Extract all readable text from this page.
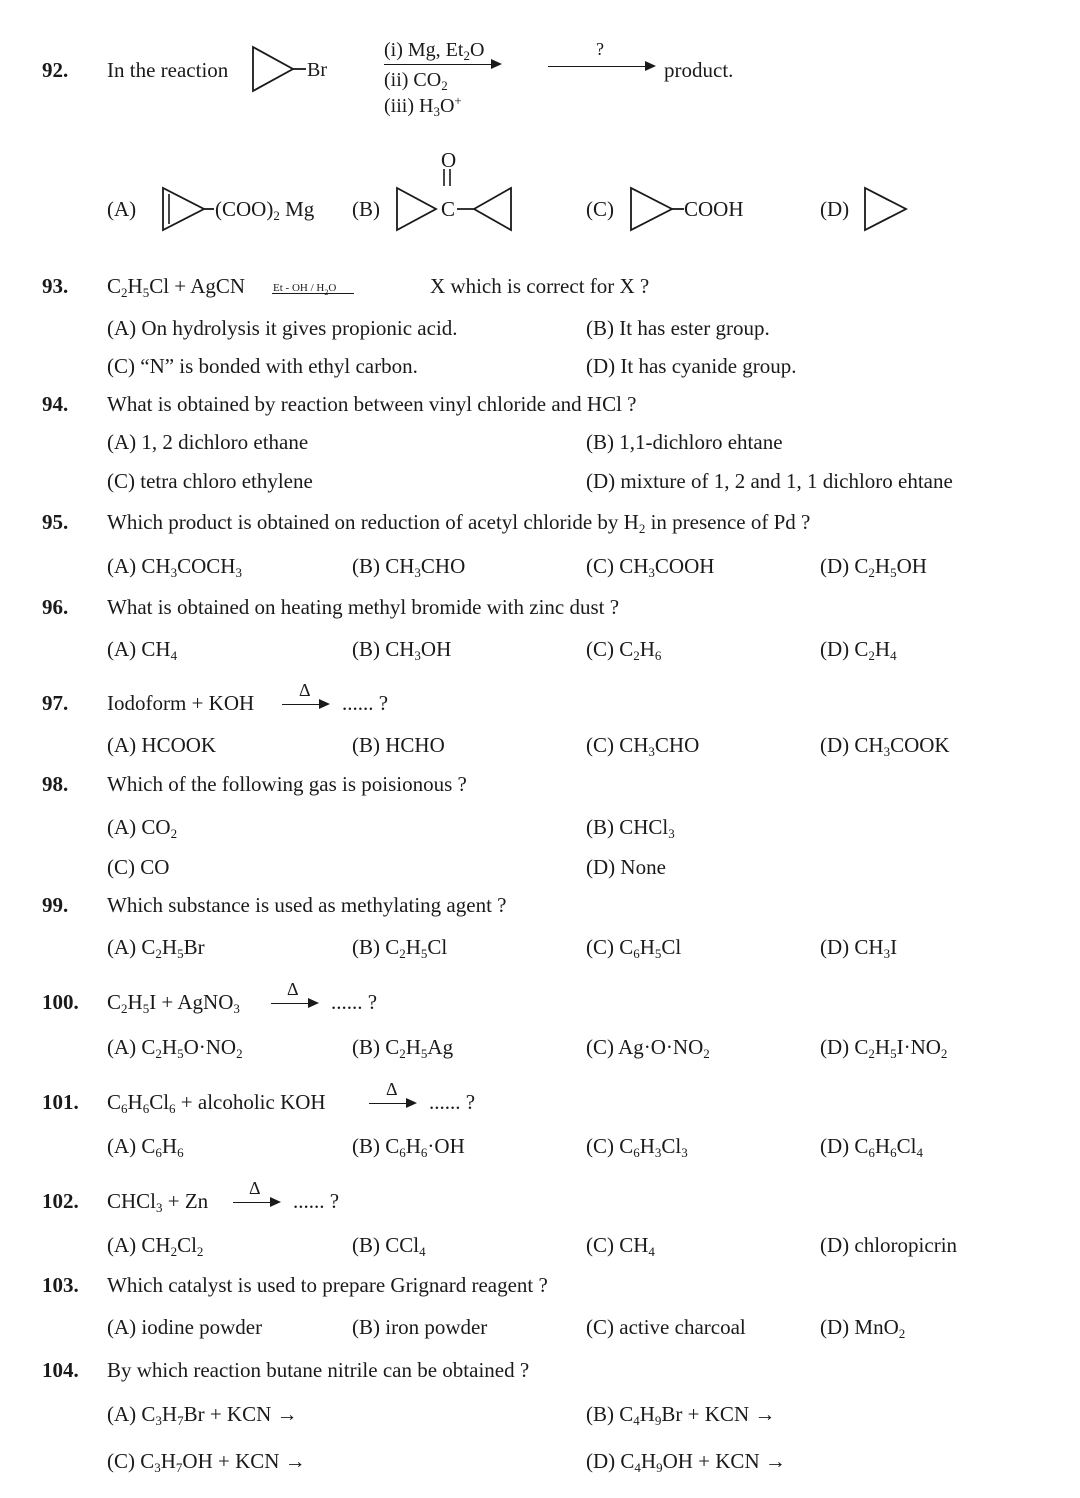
92. In the reaction	Br
(i) Mg, $Et_2O$
(ii) $CO_2$
(iii) $H_3O^+$
?
product.
(A)	$(COO)_2$ Mg (B)
O
C	(C)	COOH	(D)
93. $C_2H_5Cl$ + AgCN	Et - OH / $H_2O$	X which is correct for X ?
(A) On hydrolysis it gives propionic acid.	(B) It has ester group.
(C) “N” is bonded with ethyl carbon.	(D) It has cyanide group.
94. What is obtained by reaction between vinyl chloride and HCl ?
(A) 1, 2 dichloro ethane	(B) 1,1-dichloro ehtane
(C) tetra chloro ethylene	(D) mixture of 1, 2 and 1, 1 dichloro ehtane
95. Which product is obtained on reduction of acetyl chloride by $H_2$ in presence of Pd ?
(A) $CH_3COCH_3$	(B) $CH_3CHO$	(C) $CH_3COOH$	(D) $C_2H_5OH$
96. What is obtained on heating methyl bromide with zinc dust ?
(A) $CH_4$	(B) $CH_3OH$	(C) $C_2H_6$	(D) $C_2H_4$
97. Iodoform + KOH
Δ
...... ?
(A) HCOOK	(B) HCHO	(C) $CH_3CHO$	(D) $CH_3COOK$
98. Which of the following gas is poisionous ?
(A) $CO_2$	(B) CHCl$_3$
(C) CO	(D) None
99. Which substance is used as methylating agent ?
(A) $C_2H_5Br$	(B) $C_2H_5Cl$	(C) $C_6H_5Cl$	(D) $CH_3I$
100. $C_2H_5I$ + AgNO$_3$
Δ
...... ?
(A) $C_2H_5O\cdot NO_2$	(B) $C_2H_5Ag$	(C) $Ag\cdot O\cdot NO_2$	(D) $C_2H_5I\cdot NO_2$
101. $C_6H_6Cl_6$ + alcoholic KOH
Δ
...... ?
(A) $C_6H_6$	(B) $C_6H_6\cdot OH$	(C) $C_6H_3Cl_3$	(D) $C_6H_6Cl_4$
102. CHCl$_3$ + Zn
Δ
...... ?
(A) $CH_2Cl_2$	(B) CCl$_4$	(C) $CH_4$	(D) chloropicrin
103. Which catalyst is used to prepare Grignard reagent ?
(A) iodine powder	(B) iron powder	(C) active charcoal	(D) MnO$_2$
104. By which reaction butane nitrile can be obtained ?
(A) $C_3H_7Br$ + KCN →	(B) $C_4H_9Br$ + KCN →
(C) $C_3H_7OH$ + KCN →	(D) $C_4H_9OH$ + KCN →
